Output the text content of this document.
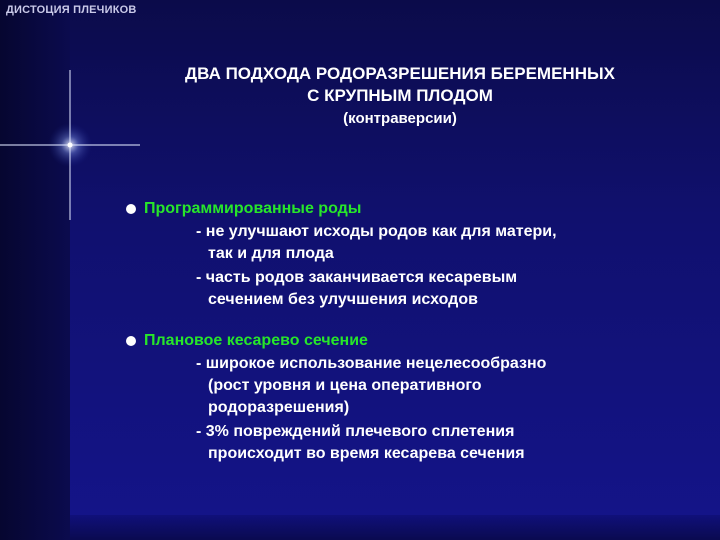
ДИСТОЦИЯ ПЛЕЧИКОВ
ДВА ПОДХОДА РОДОРАЗРЕШЕНИЯ БЕРЕМЕННЫХ
С КРУПНЫМ ПЛОДОМ
(контраверсии)
Программированные роды
- не улучшают исходы родов как для матери,
так и для плода
- часть родов заканчивается кесаревым
сечением без улучшения исходов
Плановое кесарево сечение
- широкое использование нецелесообразно
(рост уровня и цена оперативного
родоразрешения)
- 3% повреждений плечевого сплетения
происходит во время кесарева сечения
